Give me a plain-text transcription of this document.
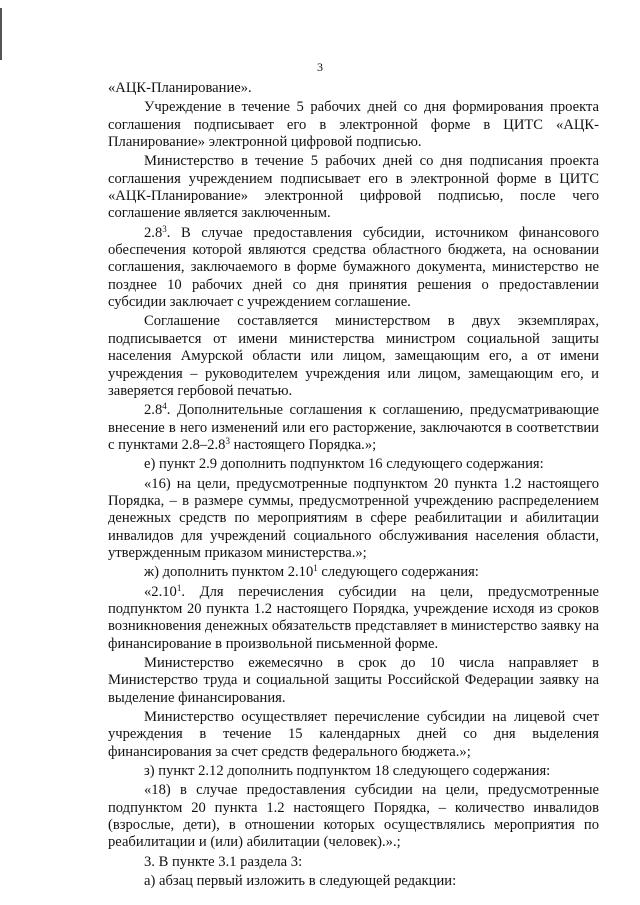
3

«АЦК-Планирование».

Учреждение в течение 5 рабочих дней со дня формирования проекта соглашения подписывает его в электронной форме в ЦИТС «АЦК-Планирование» электронной цифровой подписью.

Министерство в течение 5 рабочих дней со дня подписания проекта соглашения учреждением подписывает его в электронной форме в ЦИТС «АЦК-Планирование» электронной цифровой подписью, после чего соглашение является заключенным.

$2.8^3$. В случае предоставления субсидии, источником финансового обеспечения которой являются средства областного бюджета, на основании соглашения, заключаемого в форме бумажного документа, министерство не позднее 10 рабочих дней со дня принятия решения о предоставлении субсидии заключает с учреждением соглашение.

Соглашение составляется министерством в двух экземплярах, подписывается от имени министерства министром социальной защиты населения Амурской области или лицом, замещающим его, а от имени учреждения – руководителем учреждения или лицом, замещающим его, и заверяется гербовой печатью.

$2.8^4$. Дополнительные соглашения к соглашению, предусматривающие внесение в него изменений или его расторжение, заключаются в соответствии с пунктами $2.8-2.8^3$ настоящего Порядка.»;

е) пункт 2.9 дополнить подпунктом 16 следующего содержания:

«16) на цели, предусмотренные подпунктом 20 пункта 1.2 настоящего Порядка, – в размере суммы, предусмотренной учреждению распределением денежных средств по мероприятиям в сфере реабилитации и абилитации инвалидов для учреждений социального обслуживания населения области, утвержденным приказом министерства.»;

ж) дополнить пунктом 2.10$^1$ следующего содержания:

«2.10$^1$. Для перечисления субсидии на цели, предусмотренные подпунктом 20 пункта 1.2 настоящего Порядка, учреждение исходя из сроков возникновения денежных обязательств представляет в министерство заявку на финансирование в произвольной письменной форме.

Министерство ежемесячно в срок до 10 числа направляет в Министерство труда и социальной защиты Российской Федерации заявку на выделение финансирования.

Министерство осуществляет перечисление субсидии на лицевой счет учреждения в течение 15 календарных дней со дня выделения финансирования за счет средств федерального бюджета.»;

з) пункт 2.12 дополнить подпунктом 18 следующего содержания:

«18) в случае предоставления субсидии на цели, предусмотренные подпунктом 20 пункта 1.2 настоящего Порядка, – количество инвалидов (взрослые, дети), в отношении которых осуществлялись мероприятия по реабилитации и (или) абилитации (человек).».;

3. В пункте 3.1 раздела 3:

а) абзац первый изложить в следующей редакции:
